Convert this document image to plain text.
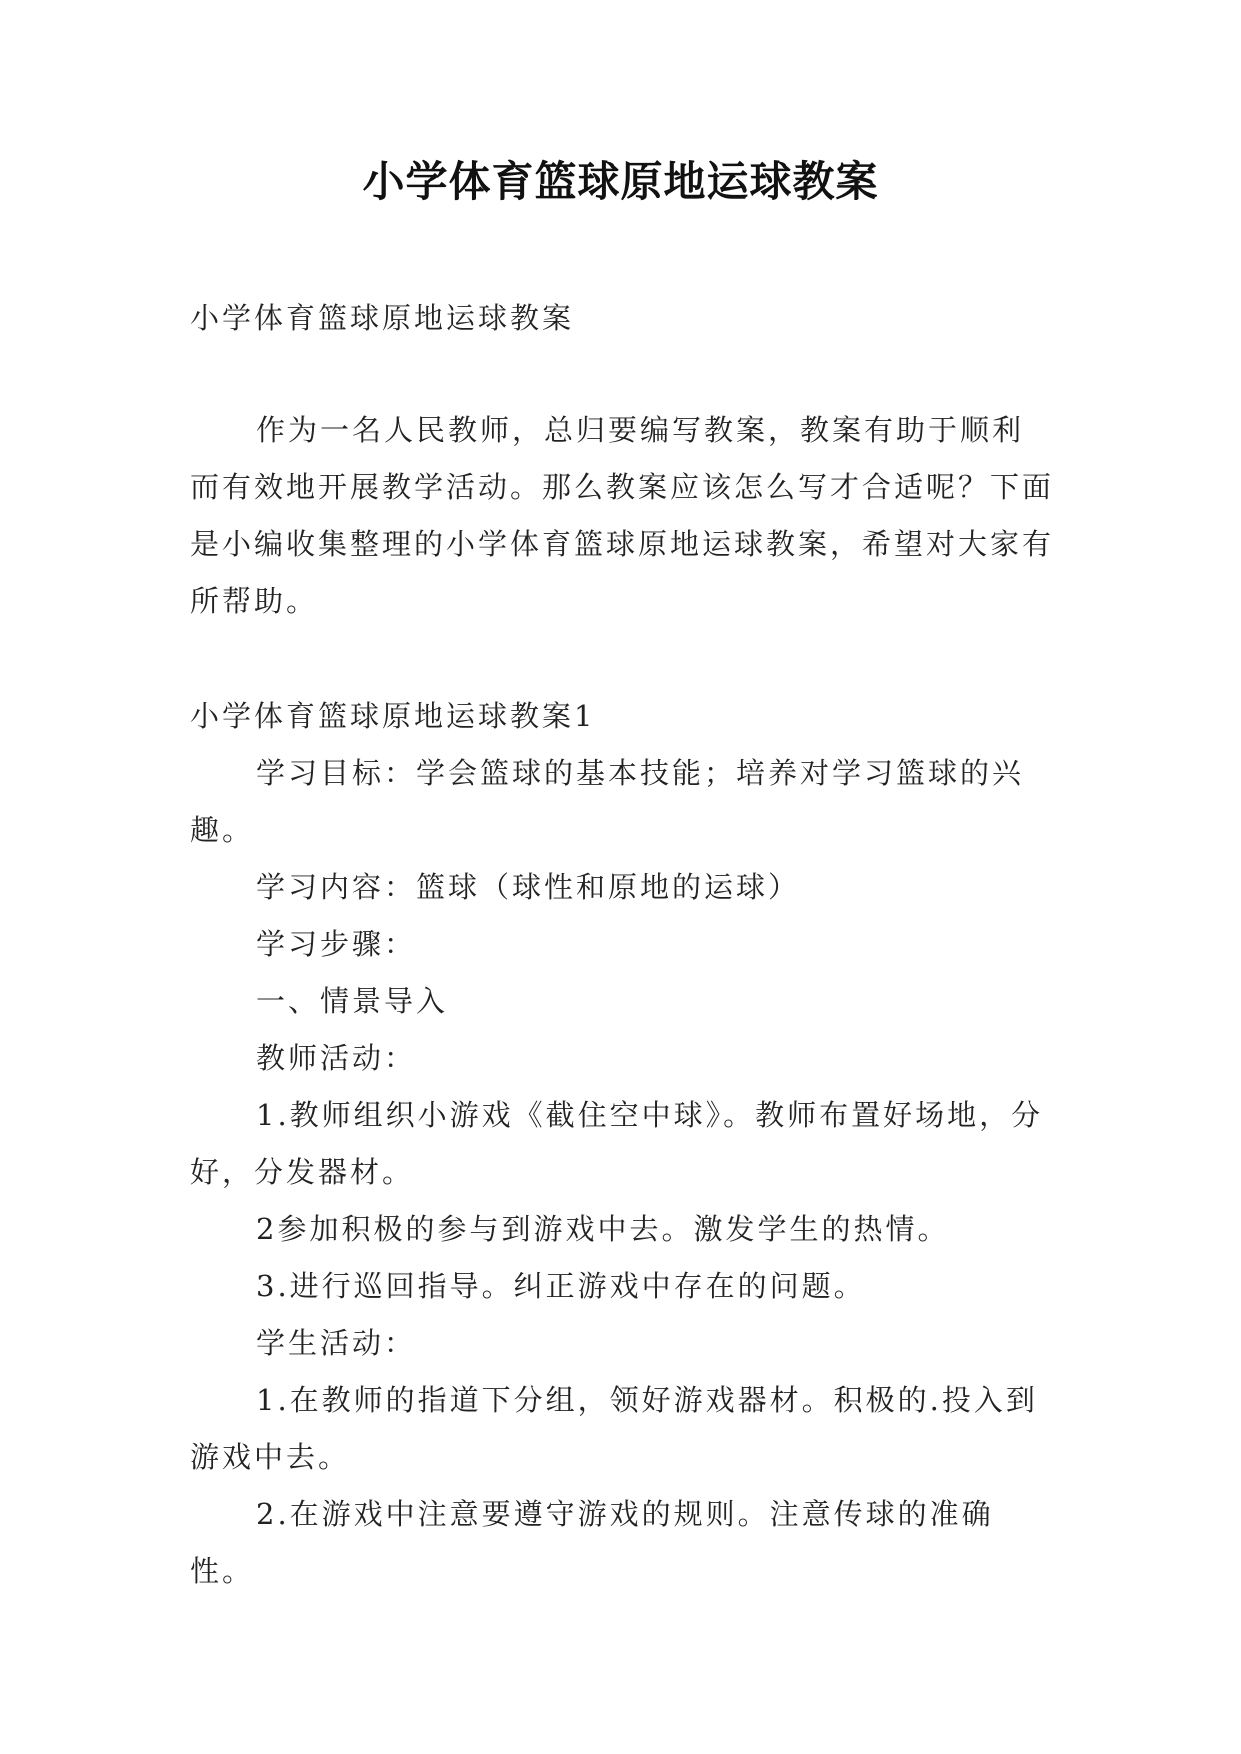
小学体育篮球原地运球教案
小学体育篮球原地运球教案

作为一名人民教师，总归要编写教案，教案有助于顺利而有效地开展教学活动。那么教案应该怎么写才合适呢？下面是小编收集整理的小学体育篮球原地运球教案，希望对大家有所帮助。

小学体育篮球原地运球教案1

学习目标：学会篮球的基本技能；培养对学习篮球的兴趣。

学习内容：篮球（球性和原地的运球）

学习步骤：

一、情景导入

教师活动：

1.教师组织小游戏《截住空中球》。教师布置好场地，分好，分发器材。

2参加积极的参与到游戏中去。激发学生的热情。

3.进行巡回指导。纠正游戏中存在的问题。

学生活动：

1.在教师的指道下分组，领好游戏器材。积极的.投入到游戏中去。

2.在游戏中注意要遵守游戏的规则。注意传球的准确性。
